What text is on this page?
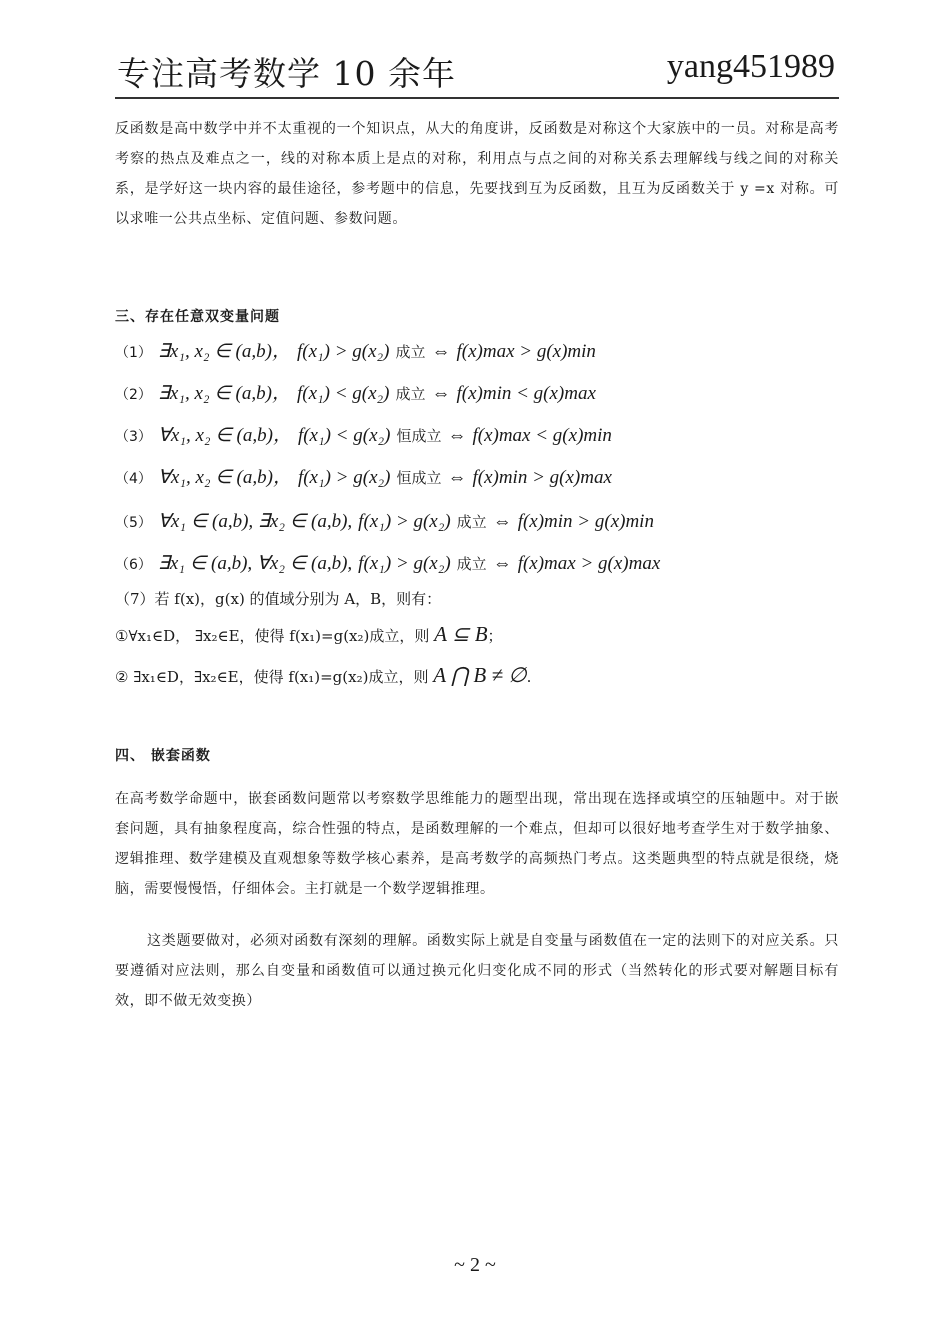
专注高考数学 10 余年	yang451989

反函数是高中数学中并不太重视的一个知识点，从大的角度讲，反函数是对称这个大家族中的一员。对称是高考考察的热点及难点之一，线的对称本质上是点的对称，利用点与点之间的对称关系去理解线与线之间的对称关系，是学好这一块内容的最佳途径，参考题中的信息，先要找到互为反函数，且互为反函数关于 y =x 对称。可以求唯一公共点坐标、定值问题、参数问题。

三、存在任意双变量问题
（1） ∃x₁, x₂ ∈ (a,b)， f(x₁) > g(x₂) 成立 ⇔ f(x)max > g(x)min
（2） ∃x₁, x₂ ∈ (a,b)， f(x₁) < g(x₂) 成立 ⇔ f(x)min < g(x)max
（3） ∀x₁, x₂ ∈ (a,b)， f(x₁) < g(x₂) 恒成立 ⇔ f(x)max < g(x)min
（4） ∀x₁, x₂ ∈ (a,b)， f(x₁) > g(x₂) 恒成立 ⇔ f(x)min > g(x)max
（5） ∀x₁ ∈ (a,b), ∃x₂ ∈ (a,b), f(x₁) > g(x₂) 成立 ⇔ f(x)min > g(x)min
（6） ∃x₁ ∈ (a,b), ∀x₂ ∈ (a,b), f(x₁) > g(x₂) 成立 ⇔ f(x)max > g(x)max
（7）若 f(x)，g(x) 的值域分别为 A，B，则有：
①∀x₁∈D， ∃x₂∈E，使得 f(x₁)=g(x₂)成立，则 A ⊆ B；
② ∃x₁∈D，∃x₂∈E，使得 f(x₁)=g(x₂)成立，则 A ⋂ B ≠ ∅.
四、 嵌套函数

在高考数学命题中，嵌套函数问题常以考察数学思维能力的题型出现，常出现在选择或填空的压轴题中。对于嵌套问题，具有抽象程度高，综合性强的特点，是函数理解的一个难点，但却可以很好地考查学生对于数学抽象、逻辑推理、数学建模及直观想象等数学核心素养，是高考数学的高频热门考点。这类题典型的特点就是很绕，烧脑，需要慢慢悟，仔细体会。主打就是一个数学逻辑推理。

这类题要做对，必须对函数有深刻的理解。函数实际上就是自变量与函数值在一定的法则下的对应关系。只要遵循对应法则，那么自变量和函数值可以通过换元化归变化成不同的形式（当然转化的形式要对解题目标有效，即不做无效变换）

~ 2 ~
